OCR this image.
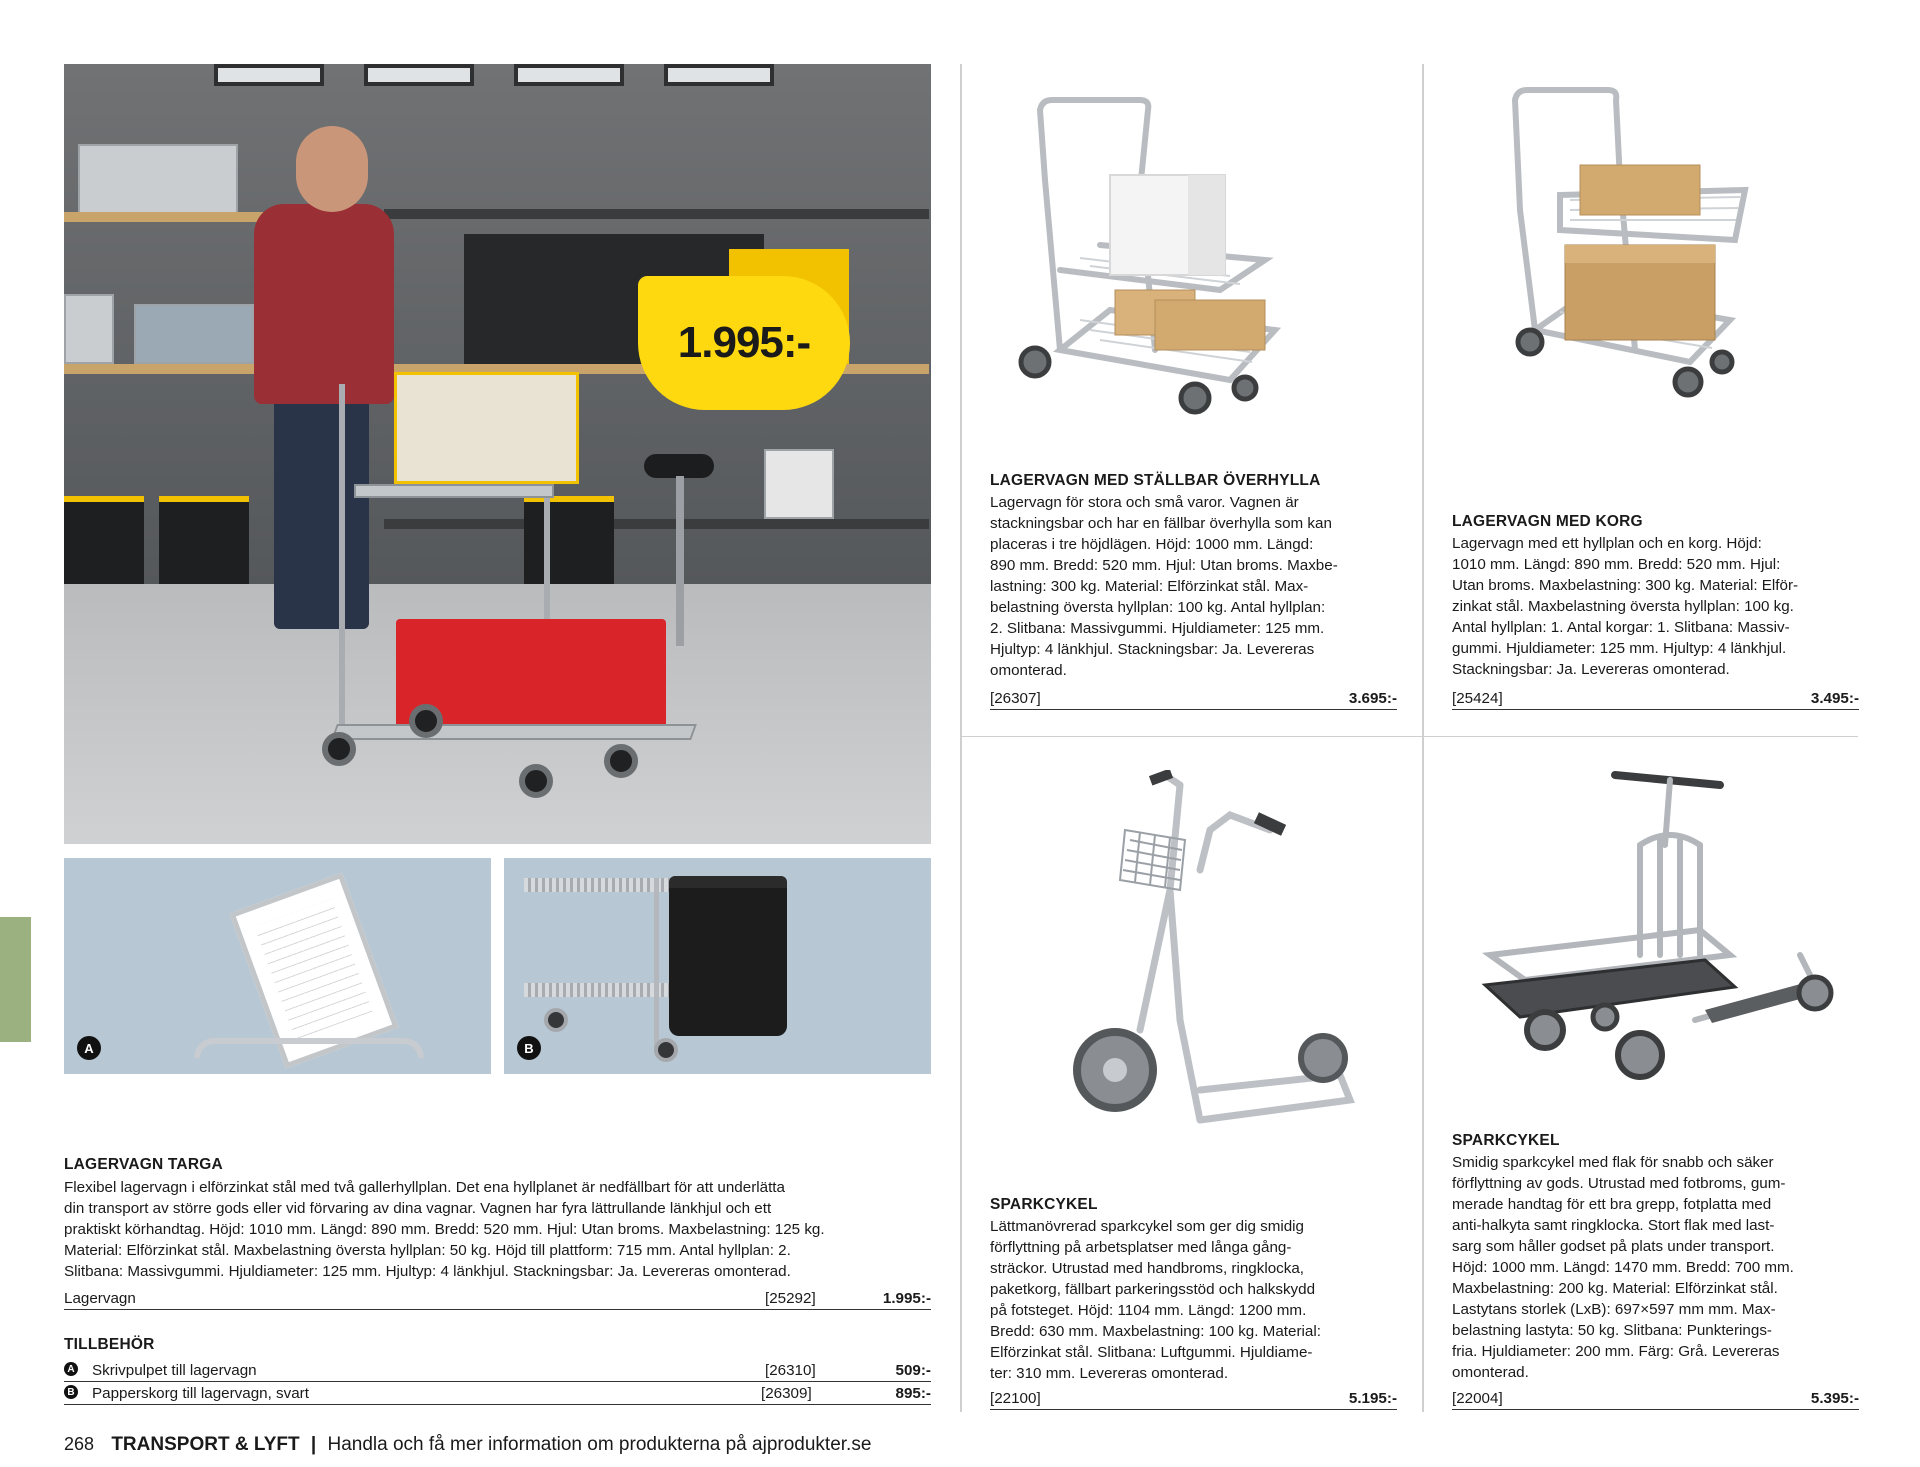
1.995:-
A	B
LAGERVAGN TARGA
Flexibel lagervagn i elförzinkat stål med två gallerhyllplan. Det ena hyllplanet är nedfällbart för att underlätta
din transport av större gods eller vid förvaring av dina vagnar. Vagnen har fyra lättrullande länkhjul och ett
praktiskt körhandtag. Höjd: 1010 mm. Längd: 890 mm. Bredd: 520 mm. Hjul: Utan broms. Maxbelastning: 125 kg.
Material: Elförzinkat stål. Maxbelastning översta hyllplan: 50 kg. Höjd till plattform: 715 mm. Antal hyllplan: 2.
Slitbana: Massivgummi. Hjuldiameter: 125 mm. Hjultyp: 4 länkhjul. Stackningsbar: Ja. Levereras omonterad.
Lagervagn	[25292]	1.995:-
TILLBEHÖR
A Skrivpulpet till lagervagn	[26310]	509:-
B Papperskorg till lagervagn, svart	[26309]	895:-
LAGERVAGN MED STÄLLBAR ÖVERHYLLA
Lagervagn för stora och små varor. Vagnen är
stackningsbar och har en fällbar överhylla som kan
placeras i tre höjdlägen. Höjd: 1000 mm. Längd:
890 mm. Bredd: 520 mm. Hjul: Utan broms. Maxbe-
lastning: 300 kg. Material: Elförzinkat stål. Max-
belastning översta hyllplan: 100 kg. Antal hyllplan:
2. Slitbana: Massivgummi. Hjuldiameter: 125 mm.
Hjultyp: 4 länkhjul. Stackningsbar: Ja. Levereras
omonterad.
[26307]	3.695:-
LAGERVAGN MED KORG
Lagervagn med ett hyllplan och en korg. Höjd:
1010 mm. Längd: 890 mm. Bredd: 520 mm. Hjul:
Utan broms. Maxbelastning: 300 kg. Material: Elför-
zinkat stål. Maxbelastning översta hyllplan: 100 kg.
Antal hyllplan: 1. Antal korgar: 1. Slitbana: Massiv-
gummi. Hjuldiameter: 125 mm. Hjultyp: 4 länkhjul.
Stackningsbar: Ja. Levereras omonterad.
[25424]	3.495:-
SPARKCYKEL
Lättmanövrerad sparkcykel som ger dig smidig
förflyttning på arbetsplatser med långa gång-
sträckor. Utrustad med handbroms, ringklocka,
paketkorg, fällbart parkeringsstöd och halkskydd
på fotsteget. Höjd: 1104 mm. Längd: 1200 mm.
Bredd: 630 mm. Maxbelastning: 100 kg. Material:
Elförzinkat stål. Slitbana: Luftgummi. Hjuldiame-
ter: 310 mm. Levereras omonterad.
[22100]	5.195:-
SPARKCYKEL
Smidig sparkcykel med flak för snabb och säker
förflyttning av gods. Utrustad med fotbroms, gum-
merade handtag för ett bra grepp, fotplatta med
anti-halkyta samt ringklocka. Stort flak med last-
sarg som håller godset på plats under transport.
Höjd: 1000 mm. Längd: 1470 mm. Bredd: 700 mm.
Maxbelastning: 200 kg. Material: Elförzinkat stål.
Lastytans storlek (LxB): 697×597 mm mm. Max-
belastning lastyta: 50 kg. Slitbana: Punkterings-
fria. Hjuldiameter: 200 mm. Färg: Grå. Levereras
omonterad.
[22004]	5.395:-
268 TRANSPORT & LYFT | Handla och få mer information om produkterna på ajprodukter.se
